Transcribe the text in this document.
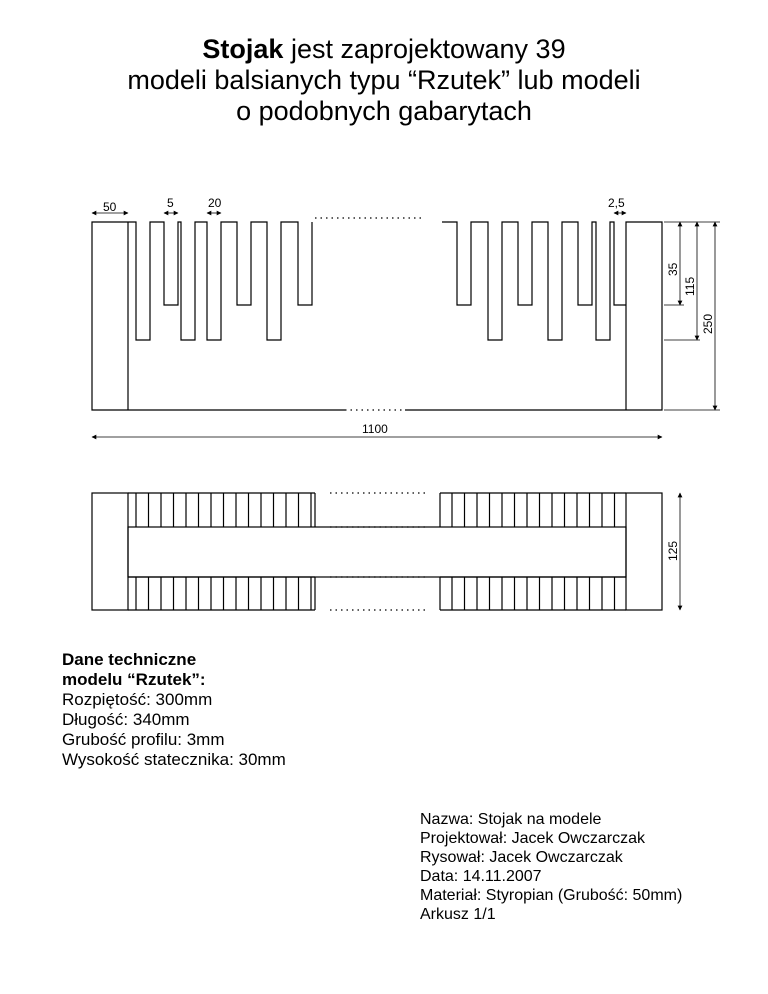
Stojak jest zaprojektowany 39
modeli balsianych typu “Rzutek” lub modeli
o podobnych gabarytach
50	5	20	2,5
35
115
250
1100
125
Dane techniczne
modelu “Rzutek”:
Rozpiętość: 300mm
Długość: 340mm
Grubość profilu: 3mm
Wysokość statecznika: 30mm
Nazwa: Stojak na modele
Projektował: Jacek Owczarczak
Rysował: Jacek Owczarczak
Data: 14.11.2007
Materiał: Styropian (Grubość: 50mm)
Arkusz 1/1
